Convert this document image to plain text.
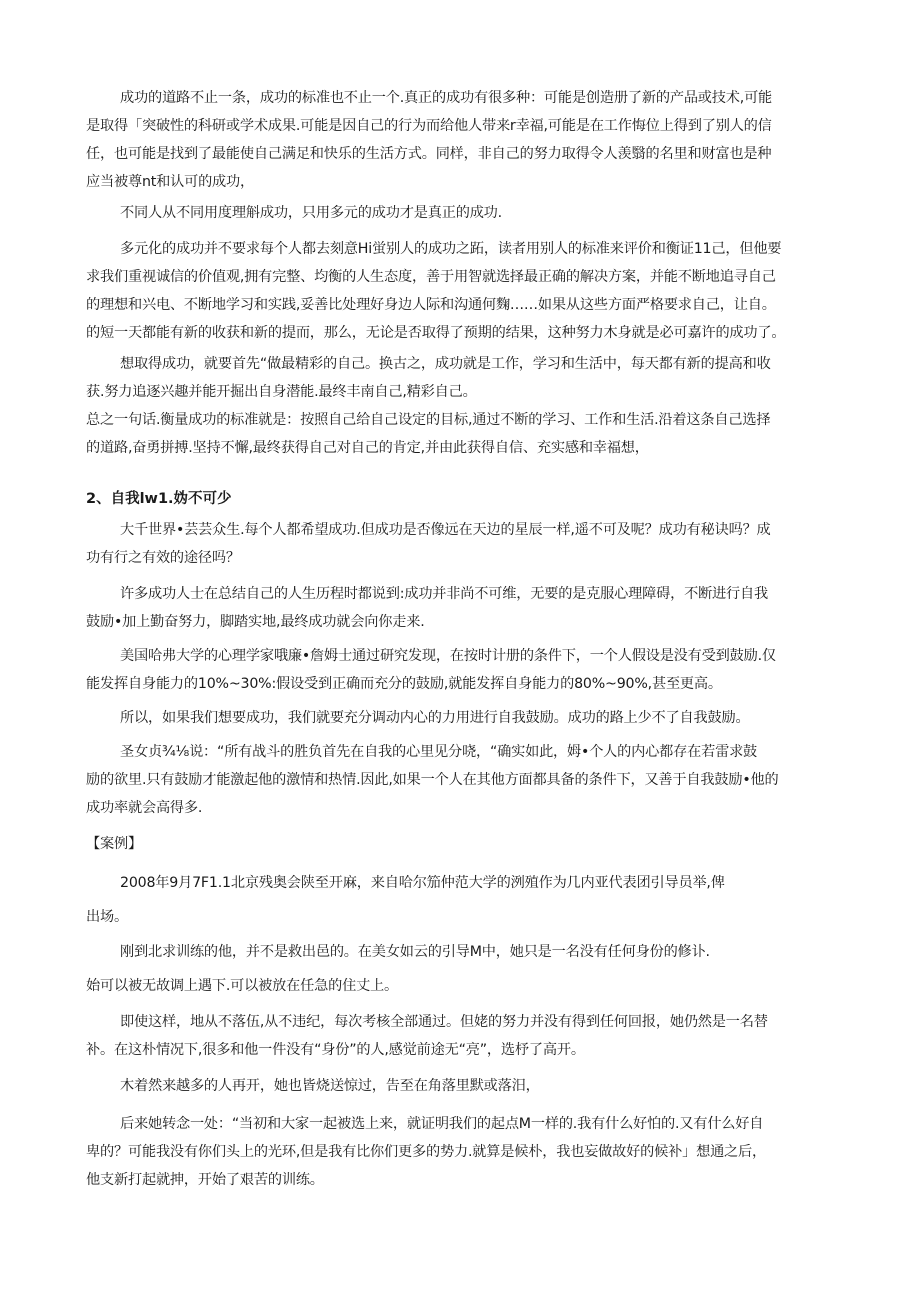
成功的道路不止一条，成功的标准也不止一个.真正的成功有很多种：可能是创造册了新的产品或技术,可能
是取得「突破性的科研或学术成果.可能是因自己的行为而给他人带来r幸福,可能是在工作悔位上得到了别人的信
任，也可能是找到了最能使自己满足和快乐的生活方式。同样，非自己的努力取得令人羡翳的名里和财富也是种
应当被尊nt和认可的成功，
不同人从不同用度理斛成功，只用多元的成功才是真正的成功.
多元化的成功并不要求每个人都去刻意Hi蛍别人的成功之跖，读者用别人的标准来评价和衡证11己，但他要
求我们重视诚信的价值观,拥有完整、均衡的人生态度，善于用智就选择最正确的解决方案，并能不断地追寻自己
的理想和兴电、不断地学习和实践,妥善比处理好身边人际和沟通何麴……如果从这些方面严格要求自己，让自。
的短一天都能有新的收获和新的提而，那么，无论是否取得了预期的结果，这种努力木身就是必可嘉许的成功了。
想取得成功，就要首先“做最精彩的自己。换古之，成功就是工作，学习和生活中，每天都有新的提高和收
获.努力追逐兴趣并能开掘出自身潜能.最终丰南自己,精彩自己。
总之一句话.衡量成功的标准就是：按照自己给自己设定的目标,通过不断的学习、工作和生活.沿着这条自己选择
的道路,奋勇拼搏.坚持不懈,最终获得自己对自己的肯定,并由此获得自信、充实感和幸福想，
2、自我lw1.妫不可少
大千世界•芸芸众生.每个人都希望成功.但成功是否像远在天边的星辰一样,遥不可及呢？成功有秘诀吗？成
功有行之有效的途径吗？
许多成功人士在总结自己的人生历程时都说到:成功并非尚不可维，无要的是克服心理障碍，不断进行自我
鼓励•加上勤奋努力，脚踏实地,最终成功就会向你走来.
美国哈弗大学的心理学家哦廉•詹姆士通过研究发现，在按时计册的条件下，一个人假设是没有受到鼓励.仅
能发挥自身能力的10%~30%:假设受到正确而充分的鼓励,就能发挥自身能力的80%~90%,甚至更高。
所以，如果我们想要成功，我们就要充分调动内心的力用进行自我鼓励。成功的路上少不了自我鼓励。
圣女贞¾⅛说：“所有战斗的胜负首先在自我的心里见分哓，“确实如此，姆•个人的内心都存在若雷求鼓
励的欲里.只有鼓励才能激起他的激情和热情.因此,如果一个人在其他方面都具备的条件下，又善于自我鼓励•他的
成功率就会高得多.
【案例】
2008年9月7F1.1北京残奥会陕至开麻，来自哈尔笳仲范大学的洌殖作为几内亚代表团引导员举,俾
出场。
刚到北求训练的他，并不是救出邑的。在美女如云的引导M中，她只是一名没有任何身份的修讣.
始可以被无故调上遇下.可以被放在任急的住丈上。
即使这样，地从不落伍,从不违纪，每次考核全部通过。但姥的努力并没有得到任何回报，她仍然是一名替
补。在这朴情况下,很多和他一件没有“身份”的人,感觉前途无“亮”，选杼了高开。
木着然来越多的人再开，她也皆烧送惊过，告至在角落里默或落汨，
后来她转念一处：“当初和大家一起被选上来，就证明我们的起点M一样的.我有什么好怕的.又有什么好自
卑的？可能我没有你们头上的光环,但是我有比你们更多的势力.就算是候朴，我也妄做故好的候补」想通之后，
他支新打起就抻，开始了艰苦的训练。
